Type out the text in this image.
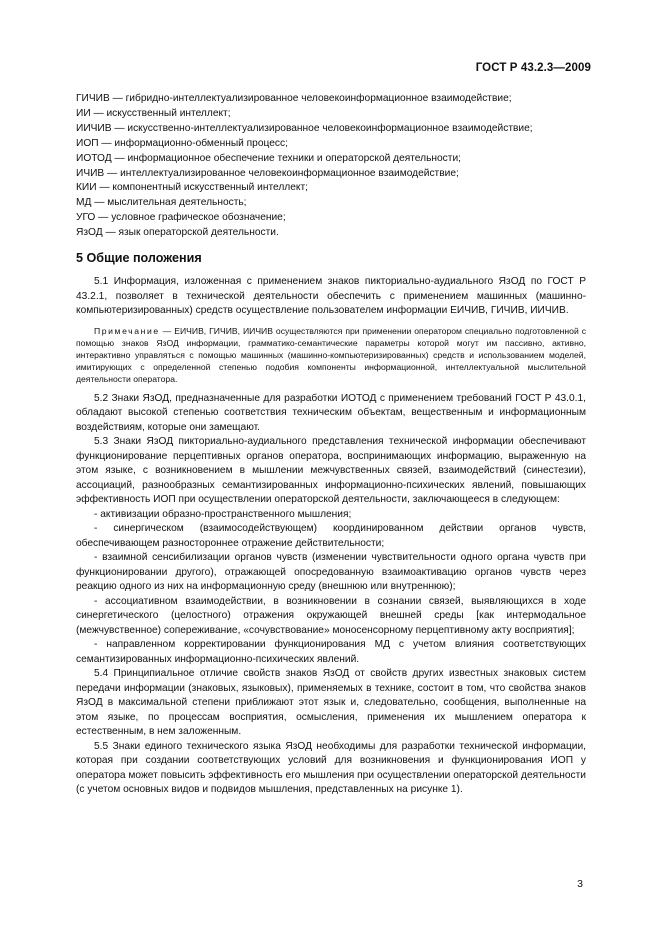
ГОСТ Р 43.2.3—2009
ГИЧИВ — гибридно-интеллектуализированное человекоинформационное взаимодействие;
ИИ — искусственный интеллект;
ИИЧИВ — искусственно-интеллектуализированное человекоинформационное взаимодействие;
ИОП — информационно-обменный процесс;
ИОТОД — информационное обеспечение техники и операторской деятельности;
ИЧИВ — интеллектуализированное человекоинформационное взаимодействие;
КИИ — компонентный искусственный интеллект;
МД — мыслительная деятельность;
УГО — условное графическое обозначение;
ЯзОД — язык операторской деятельности.
5 Общие положения

5.1 Информация, изложенная с применением знаков пикториально-аудиального ЯзОД по ГОСТ Р 43.2.1, позволяет в технической деятельности обеспечить с применением машинных (машинно-компьютеризированных) средств осуществление пользователем информации ЕИЧИВ, ГИЧИВ, ИИЧИВ.

Примечание — ЕИЧИВ, ГИЧИВ, ИИЧИВ осуществляются при применении оператором специально подготовленной с помощью знаков ЯзОД информации, грамматико-семантические параметры которой могут им пассивно, активно, интерактивно управляться с помощью машинных (машинно-компьютеризированных) средств и использованием моделей, имитирующих с определенной степенью подобия компоненты информационной, интеллектуальной мыслительной деятельности оператора.

5.2 Знаки ЯзОД, предназначенные для разработки ИОТОД с применением требований ГОСТ Р 43.0.1, обладают высокой степенью соответствия техническим объектам, вещественным и информационным воздействиям, которые они замещают.

5.3 Знаки ЯзОД пикториально-аудиального представления технической информации обеспечивают функционирование перцептивных органов оператора, воспринимающих информацию, выраженную на этом языке, с возникновением в мышлении межчувственных связей, взаимодействий (синестезии), ассоциаций, разнообразных семантизированных информационно-психических явлений, повышающих эффективность ИОП при осуществлении операторской деятельности, заключающееся в следующем:

- активизации образно-пространственного мышления;
- синергическом (взаимосодействующем) координированном действии органов чувств, обеспечивающем разностороннее отражение действительности;
- взаимной сенсибилизации органов чувств (изменении чувствительности одного органа чувств при функционировании другого), отражающей опосредованную взаимоактивацию органов чувств через реакцию одного из них на информационную среду (внешнюю или внутреннюю);
- ассоциативном взаимодействии, в возникновении в сознании связей, выявляющихся в ходе синергетического (целостного) отражения окружающей внешней среды [как интермодальное (межчувственное) сопереживание, «сочувствование» моносенсорному перцептивному акту восприятия];
- направленном корректировании функционирования МД с учетом влияния соответствующих семантизированных информационно-психических явлений.

5.4 Принципиальное отличие свойств знаков ЯзОД от свойств других известных знаковых систем передачи информации (знаковых, языковых), применяемых в технике, состоит в том, что свойства знаков ЯзОД в максимальной степени приближают этот язык и, следовательно, сообщения, выполненные на этом языке, по процессам восприятия, осмысления, применения их мышлением оператора к естественным, в нем заложенным.

5.5 Знаки единого технического языка ЯзОД необходимы для разработки технической информации, которая при создании соответствующих условий для возникновения и функционирования ИОП у оператора может повысить эффективность его мышления при осуществлении операторской деятельности (с учетом основных видов и подвидов мышления, представленных на рисунке 1).

3
